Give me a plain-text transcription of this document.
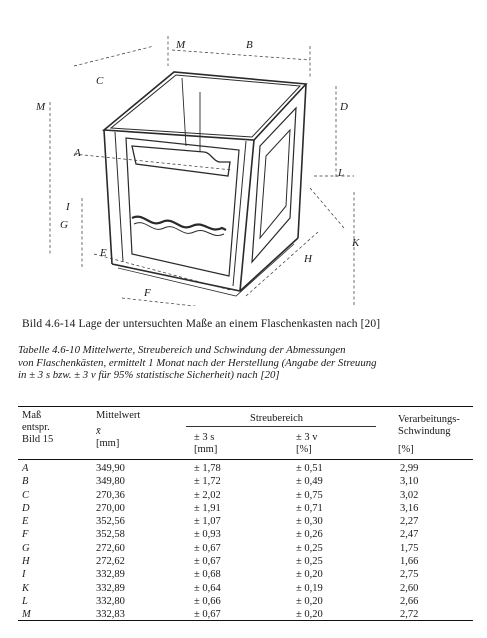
B
M
C
M	D
A
L
I
G
K
H
E
F
Bild 4.6-14 Lage der untersuchten Maße an einem Flaschenkasten nach [20]
Tabelle 4.6-10 Mittelwerte, Streubereich und Schwindung der Abmessungen
von Flaschenkästen, ermittelt 1 Monat nach der Herstellung (Angabe der Streuung
in ± 3 s bzw. ± 3 v für 95% statistische Sicherheit) nach [20]
Maß
entspr.
Bild 15
Mittelwert
x̄
[mm]
Streubereich
± 3 s
[mm]
± 3 v
[%]
Verarbeitungs-
Schwindung
[%]
A	349,90	± 1,78	± 0,51	2,99
B	349,80	± 1,72	± 0,49	3,10
C	270,36	± 2,02	± 0,75	3,02
D	270,00	± 1,91	± 0,71	3,16
E	352,56	± 1,07	± 0,30	2,27
F	352,58	± 0,93	± 0,26	2,47
G	272,60	± 0,67	± 0,25	1,75
H	272,62	± 0,67	± 0,25	1,66
I	332,89	± 0,68	± 0,20	2,75
K	332,89	± 0,64	± 0,19	2,60
L	332,80	± 0,66	± 0,20	2,66
M	332,83	± 0,67	± 0,20	2,72
